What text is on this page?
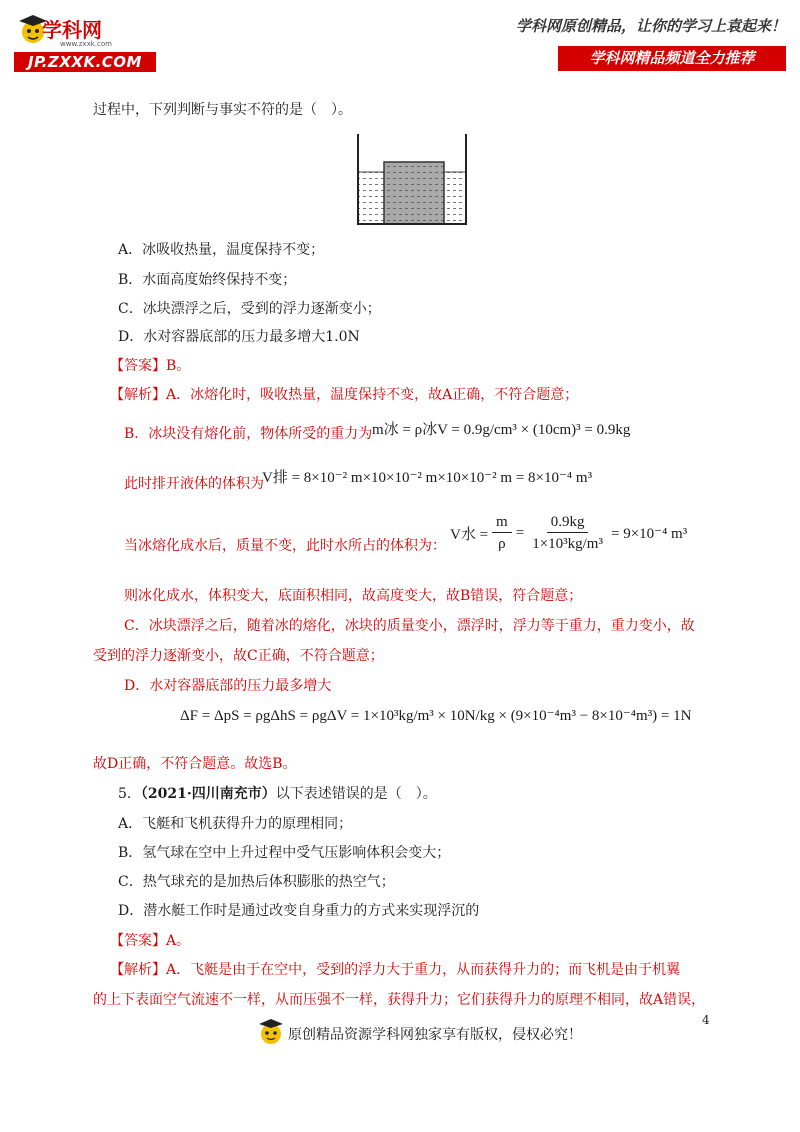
学科网
www.zxxk.com
JP.ZXXK.COM
学科网原创精品，让你的学习上袁起来！
学科网精品频道全力推荐
过程中，下列判断与事实不符的是（　）。
A．冰吸收热量，温度保持不变；
B．水面高度始终保持不变；
C．冰块漂浮之后，受到的浮力逐渐变小；
D．水对容器底部的压力最多增大1.0N
【答案】B。
【解析】A．冰熔化时，吸收热量，温度保持不变，故A正确，不符合题意；
B．冰块没有熔化前，物体所受的重力为 m冰 = ρ冰V = 0.9g/cm³ × (10cm)³ = 0.9kg
此时排开液体的体积为
V排 = 8×10⁻² m×10×10⁻² m×10×10⁻² m = 8×10⁻⁴ m³
当冰熔化成水后，质量不变，此时水所占的体积为：
V水 = $\frac{m}{\rho} = \frac{0.9kg}{\text{1×10³kg/m³}} = 9\times 10^{-4}$ m³
则冰化成水，体积变大，底面积相同，故高度变大，故B错误，符合题意；
C．冰块漂浮之后，随着冰的熔化，冰块的质量变小，漂浮时，浮力等于重力，重力变小，故
受到的浮力逐渐变小，故C正确，不符合题意；
D．水对容器底部的压力最多增大
ΔF = ΔpS = ρgΔhS = ρgΔV = 1×10³kg/m³ × 10N/kg × (9×10⁻⁴m³ − 8×10⁻⁴m³) = 1N
故D正确，不符合题意。故选B。
5．（2021·四川南充市）以下表述错误的是（　）。
A．飞艇和飞机获得升力的原理相同；
B．氢气球在空中上升过程中受气压影响体积会变大；
C．热气球充的是加热后体积膨胀的热空气；
D．潜水艇工作时是通过改变自身重力的方式来实现浮沉的
【答案】A。
【解析】A．飞艇是由于在空中，受到的浮力大于重力，从而获得升力的；而飞机是由于机翼
的上下表面空气流速不一样，从而压强不一样，获得升力；它们获得升力的原理不相同，故A错误，
4
原创精品资源学科网独家享有版权，侵权必究！
